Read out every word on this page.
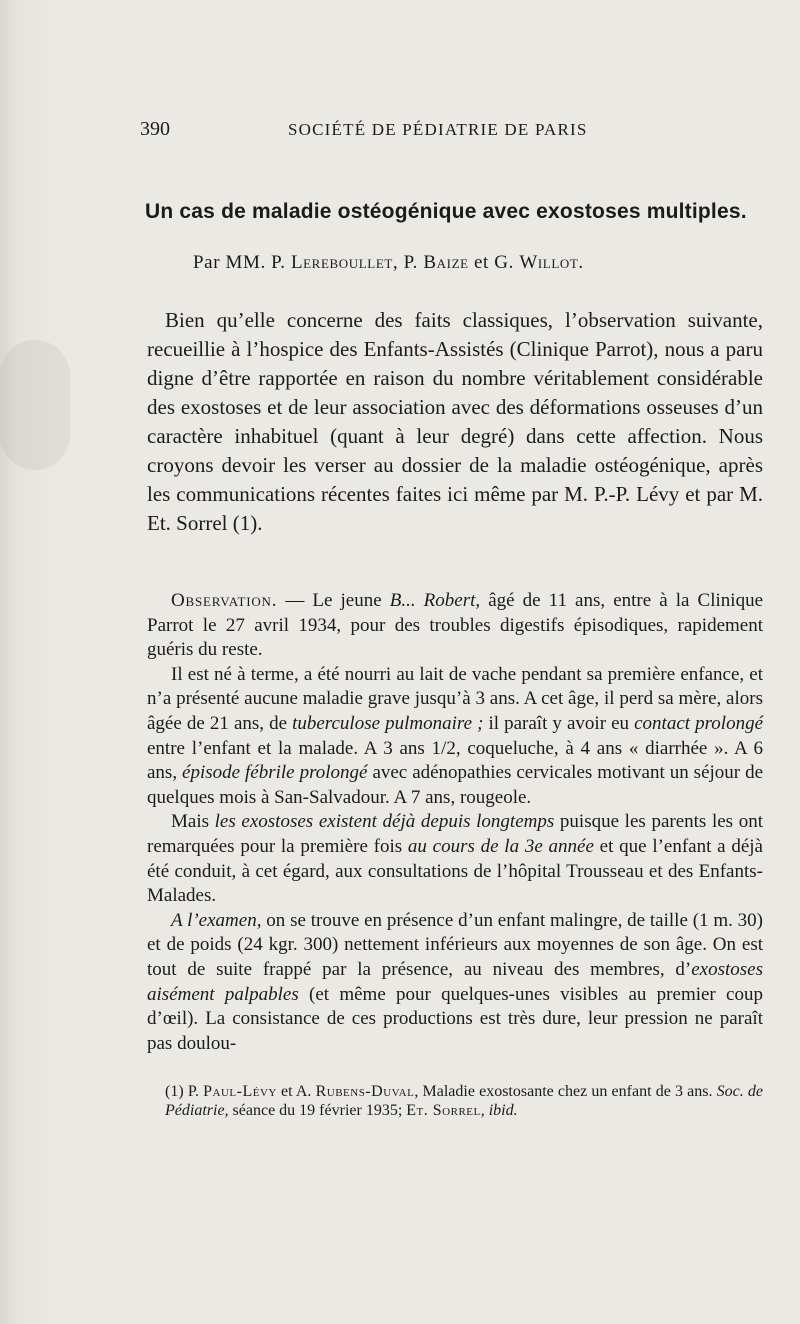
390	SOCIÉTÉ DE PÉDIATRIE DE PARIS
Un cas de maladie ostéogénique avec exostoses multiples.

Par MM. P. Lereboullet, P. Baize et G. Willot.

Bien qu’elle concerne des faits classiques, l’observation suivante, recueillie à l’hospice des Enfants-Assistés (Clinique Parrot), nous a paru digne d’être rapportée en raison du nombre véritablement considérable des exostoses et de leur association avec des déformations osseuses d’un caractère inhabituel (quant à leur degré) dans cette affection. Nous croyons devoir les verser au dossier de la maladie ostéogénique, après les communications récentes faites ici même par M. P.-P. Lévy et par M. Et. Sorrel (1).

Observation. — Le jeune B... Robert, âgé de 11 ans, entre à la Clinique Parrot le 27 avril 1934, pour des troubles digestifs épisodiques, rapidement guéris du reste.

Il est né à terme, a été nourri au lait de vache pendant sa première enfance, et n’a présenté aucune maladie grave jusqu’à 3 ans. A cet âge, il perd sa mère, alors âgée de 21 ans, de tuberculose pulmonaire ; il paraît y avoir eu contact prolongé entre l’enfant et la malade. A 3 ans 1/2, coqueluche, à 4 ans « diarrhée ». A 6 ans, épisode fébrile prolongé avec adénopathies cervicales motivant un séjour de quelques mois à San-Salvadour. A 7 ans, rougeole.

Mais les exostoses existent déjà depuis longtemps puisque les parents les ont remarquées pour la première fois au cours de la 3e année et que l’enfant a déjà été conduit, à cet égard, aux consultations de l’hôpital Trousseau et des Enfants-Malades.

A l’examen, on se trouve en présence d’un enfant malingre, de taille (1 m. 30) et de poids (24 kgr. 300) nettement inférieurs aux moyennes de son âge. On est tout de suite frappé par la présence, au niveau des membres, d’exostoses aisément palpables (et même pour quelques-unes visibles au premier coup d’œil). La consistance de ces productions est très dure, leur pression ne paraît pas doulou-

(1) P. Paul-Lévy et A. Rubens-Duval, Maladie exostosante chez un enfant de 3 ans. Soc. de Pédiatrie, séance du 19 février 1935; Et. Sorrel, ibid.
